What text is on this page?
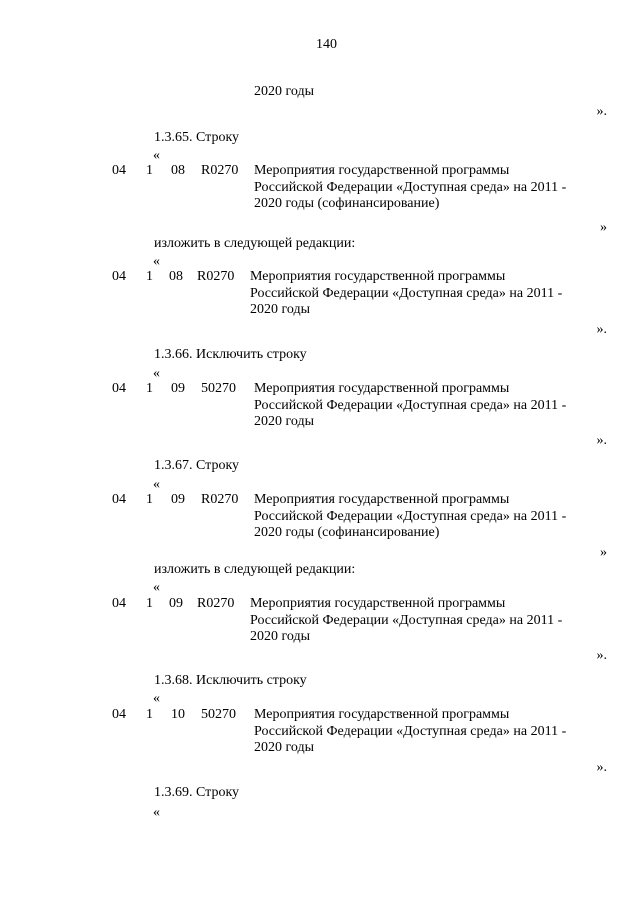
140
2020 годы
».
1.3.65. Строку
«
04 1 08 R0270 Мероприятия государственной программы
Российской Федерации «Доступная среда» на 2011 -
2020 годы (софинансирование)
»
изложить в следующей редакции:
«
04 1 08 R0270 Мероприятия государственной программы
Российской Федерации «Доступная среда» на 2011 -
2020 годы
».
1.3.66. Исключить строку
«
04 1 09 50270 Мероприятия государственной программы
Российской Федерации «Доступная среда» на 2011 -
2020 годы
».
1.3.67. Строку
«
04 1 09 R0270 Мероприятия государственной программы
Российской Федерации «Доступная среда» на 2011 -
2020 годы (софинансирование)
»
изложить в следующей редакции:
«
04 1 09 R0270 Мероприятия государственной программы
Российской Федерации «Доступная среда» на 2011 -
2020 годы
».
1.3.68. Исключить строку
«
04 1 10 50270 Мероприятия государственной программы
Российской Федерации «Доступная среда» на 2011 -
2020 годы
».
1.3.69. Строку
«
